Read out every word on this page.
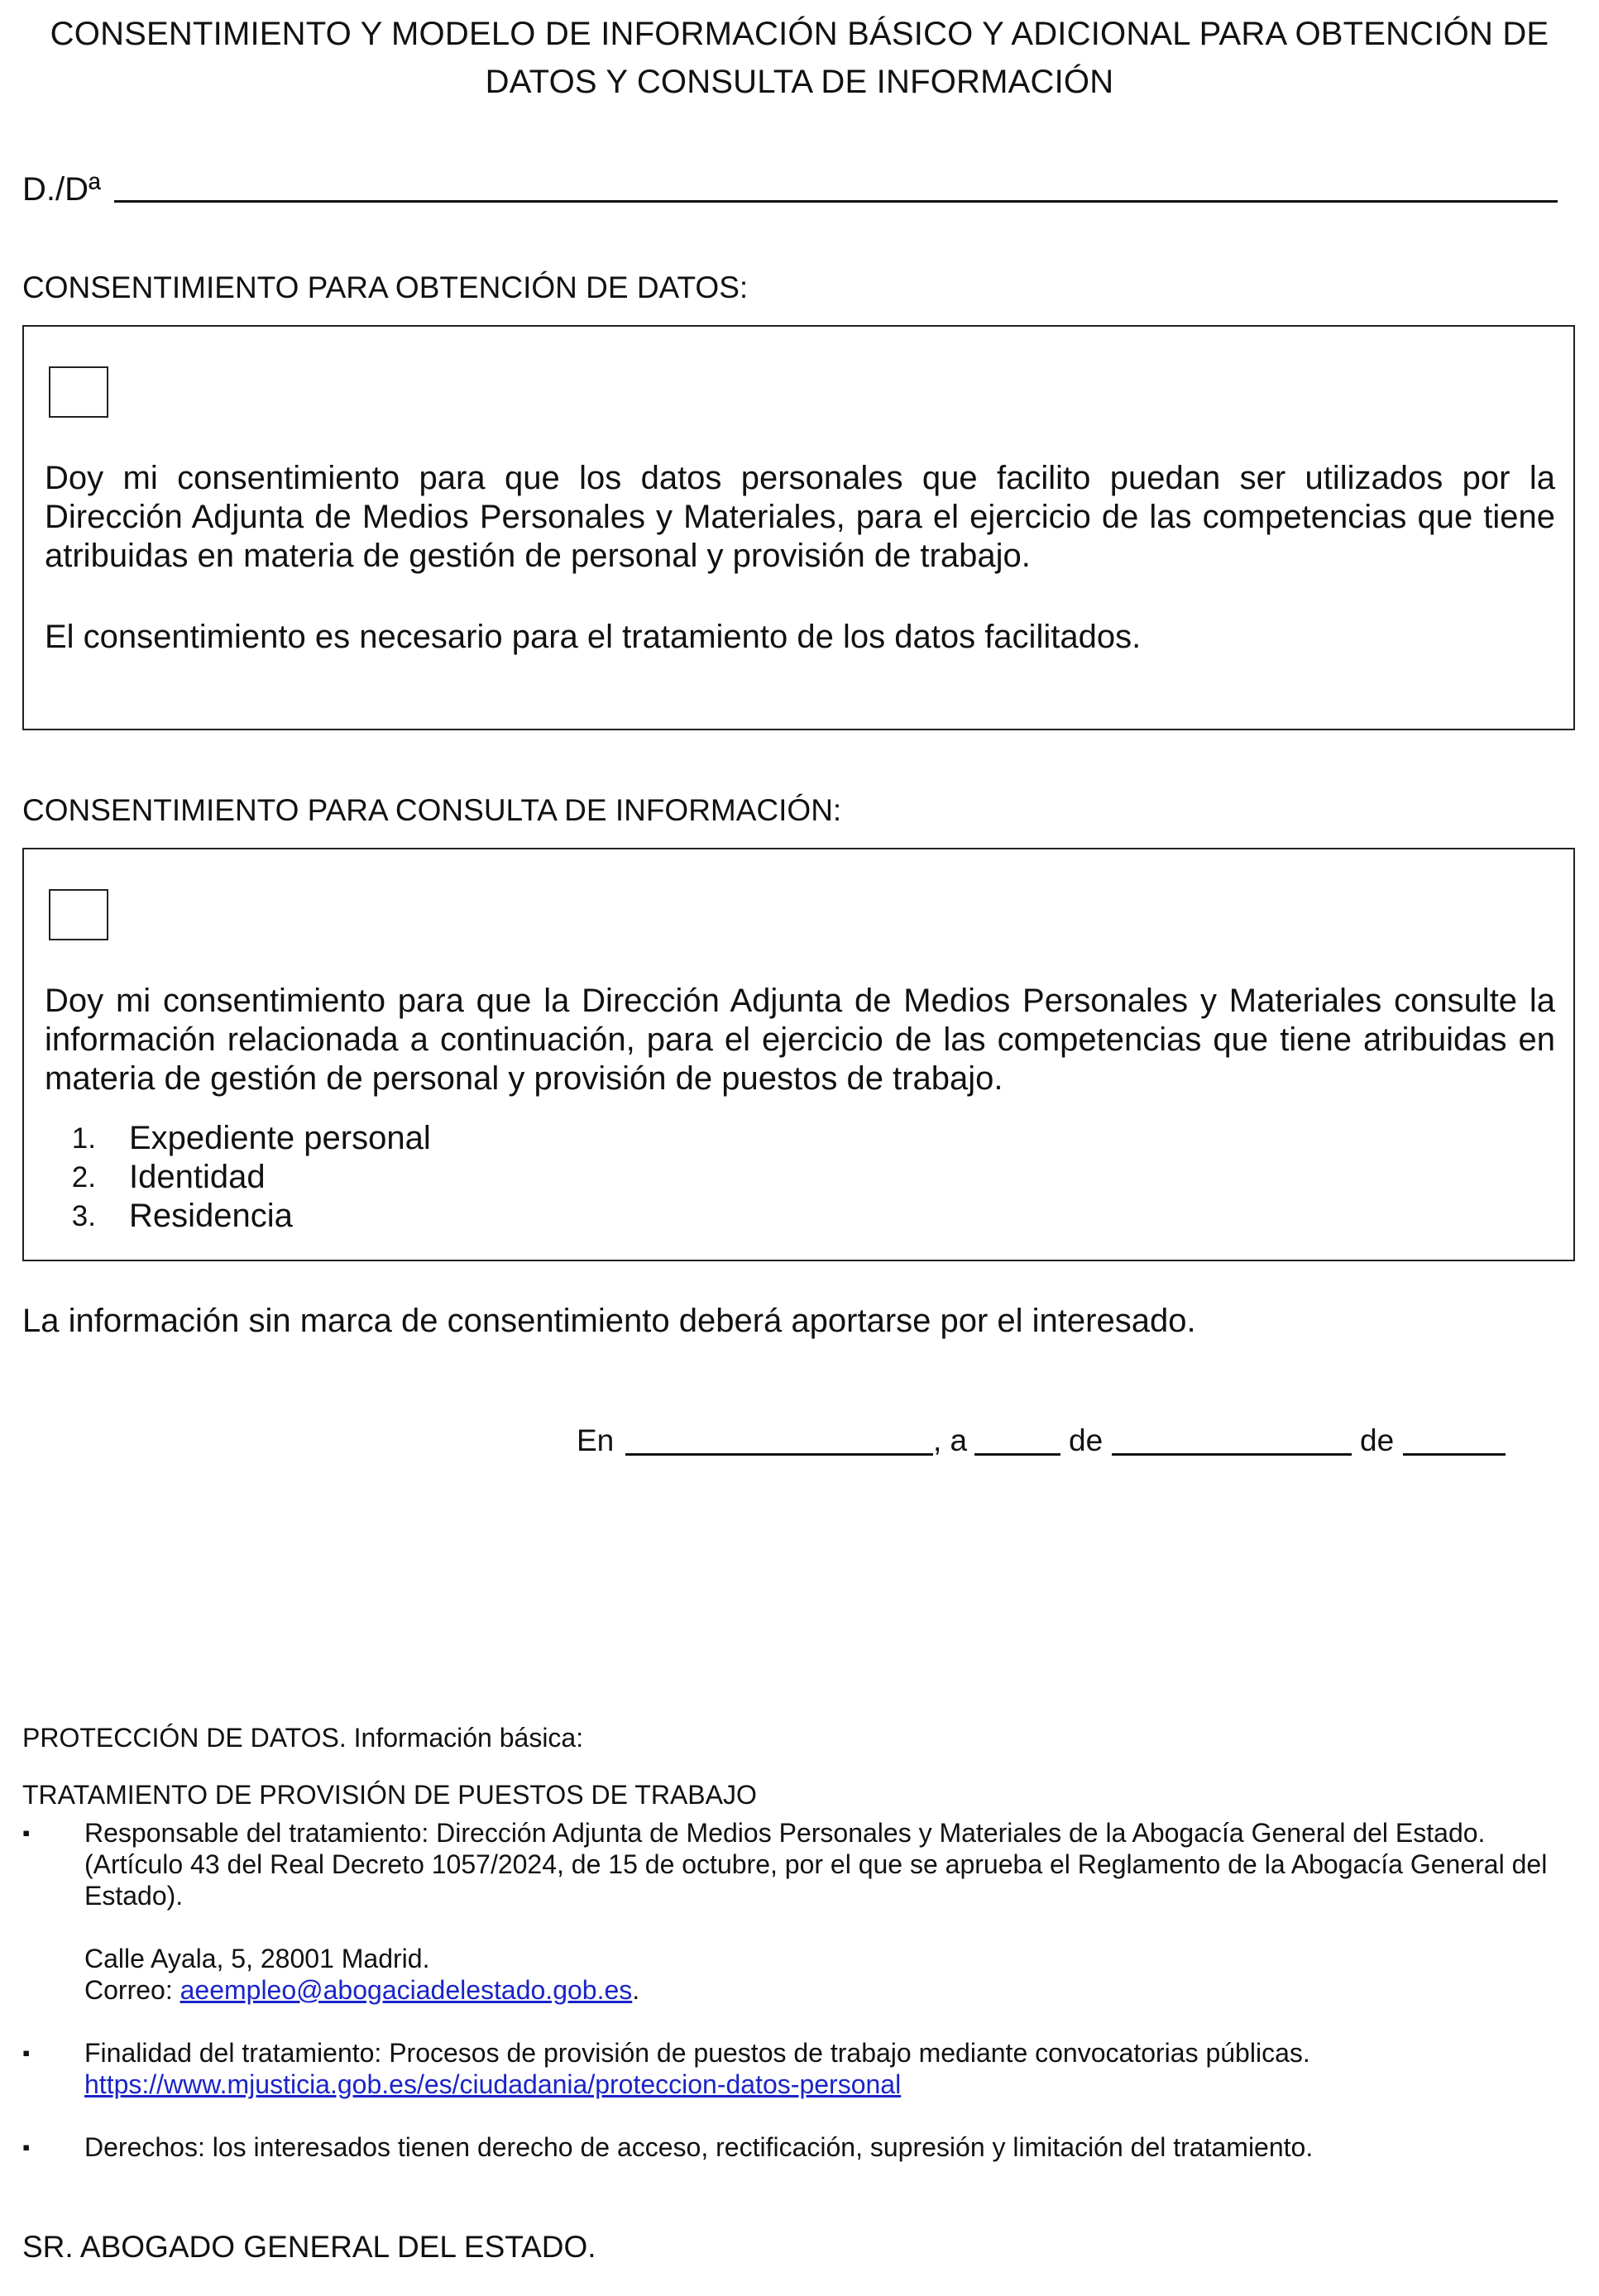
CONSENTIMIENTO Y MODELO DE INFORMACIÓN BÁSICO Y ADICIONAL PARA OBTENCIÓN DE
DATOS Y CONSULTA DE INFORMACIÓN
D./Dª
CONSENTIMIENTO PARA OBTENCIÓN DE DATOS:
Doy mi consentimiento para que los datos personales que facilito puedan ser utilizados por la Dirección Adjunta de Medios Personales y Materiales, para el ejercicio de las competencias que tiene atribuidas en materia de gestión de personal y provisión de trabajo.
El consentimiento es necesario para el tratamiento de los datos facilitados.
CONSENTIMIENTO PARA CONSULTA DE INFORMACIÓN:
Doy mi consentimiento para que la Dirección Adjunta de Medios Personales y Materiales consulte la información relacionada a continuación, para el ejercicio de las competencias que tiene atribuidas en materia de gestión de personal y provisión de puestos de trabajo.
1.	Expediente personal
2.	Identidad
3.	Residencia
La información sin marca de consentimiento deberá aportarse por el interesado.
En	, a	de	de
PROTECCIÓN DE DATOS. Información básica:
TRATAMIENTO DE PROVISIÓN DE PUESTOS DE TRABAJO
▪	Responsable del tratamiento: Dirección Adjunta de Medios Personales y Materiales de la Abogacía General del Estado. (Artículo 43 del Real Decreto 1057/2024, de 15 de octubre, por el que se aprueba el Reglamento de la Abogacía General del Estado).
Calle Ayala, 5, 28001 Madrid.
Correo: aeempleo@abogaciadelestado.gob.es.
▪	Finalidad del tratamiento: Procesos de provisión de puestos de trabajo mediante convocatorias públicas.
https://www.mjusticia.gob.es/es/ciudadania/proteccion-datos-personal
▪	Derechos: los interesados tienen derecho de acceso, rectificación, supresión y limitación del tratamiento.
SR. ABOGADO GENERAL DEL ESTADO.
